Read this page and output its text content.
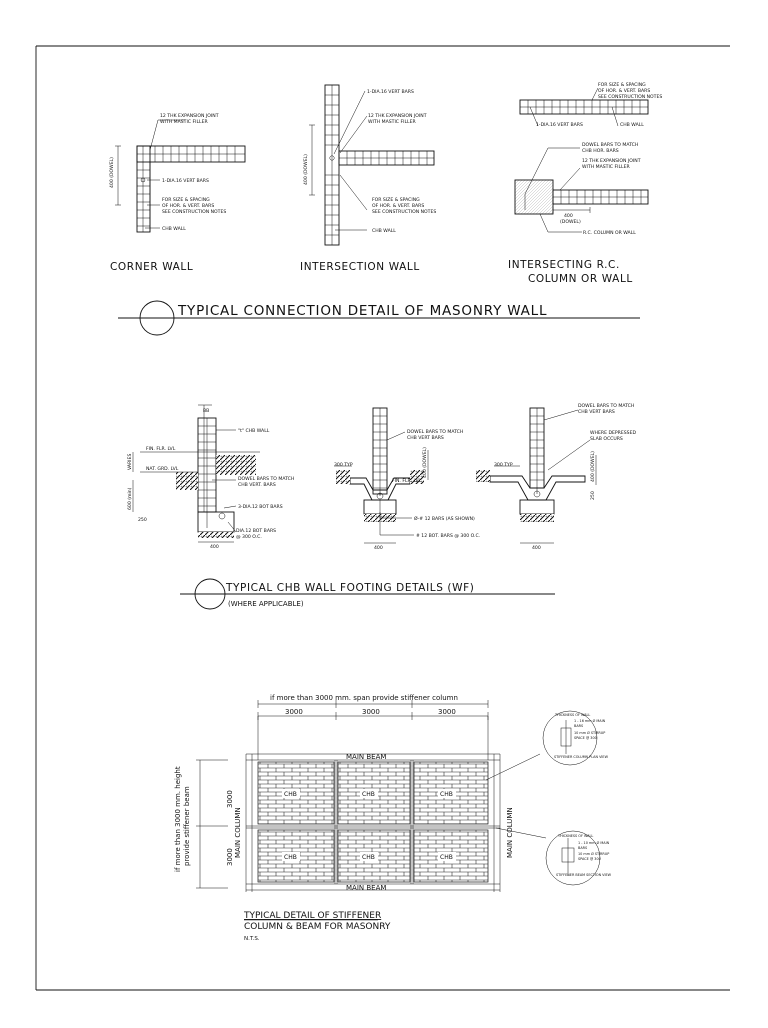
400 (DOWEL)
12 THK EXPANSION JOINT
WITH MASTIC FILLER
1-DIA.16 VERT BARS
FOR SIZE & SPACING
OF HOR. & VERT. BARS
SEE CONSTRUCTION NOTES
CHB WALL
CORNER WALL
400 (DOWEL)
1-DIA.16 VERT BARS
12 THK EXPANSION JOINT
WITH MASTIC FILLER
FOR SIZE & SPACING
OF HOR. & VERT. BARS
SEE CONSTRUCTION NOTES
CHB WALL
INTERSECTION WALL
FOR SIZE & SPACING
OF HOR. & VERT. BARS
SEE CONSTRUCTION NOTES
1-DIA.16 VERT BARS	CHB WALL
DOWEL BARS TO MATCH
CHB HOR. BARS
12 THK EXPANSION JOINT
WITH MASTIC FILLER
R.C. COLUMN OR WALL
400
(DOWEL)
INTERSECTING R.C.
COLUMN OR WALL
TYPICAL CONNECTION DETAIL OF MASONRY WALL
BB
VARIES
600 (min)
250
400
"t" CHB WALL
FIN. FLR. LVL
NAT. GRD. LVL
DOWEL BARS TO MATCH
CHB VERT. BARS
3-DIA.12 BOT BARS
DIA.12 BOT BARS
@ 300 O.C.
DOWEL BARS TO MATCH
CHB VERT BARS
FIN. FLR. LVL
300 TYP	400 (DOWEL)
Ø-# 12 BARS (AS SHOWN)
# 12 BOT. BARS @ 300 O.C.
400
DOWEL BARS TO MATCH
CHB VERT BARS
WHERE DEPRESSED
SLAB OCCURS
300 TYP	400 (DOWEL)
250
400
TYPICAL CHB WALL FOOTING DETAILS (WF)
(WHERE APPLICABLE)
if more than 3000 mm. span provide stiffener column
3000	3000	3000
MAIN BEAM
MAIN BEAM
CHB	CHB	CHB
CHB	CHB	CHB
MAIN COLUMN	MAIN COLUMN
3000
3000
if more than 3000 mm. height provide stiffener beam
THICKNESS OF WALL
1 - 16 mm Ø MAIN
BARS
10 mm Ø STIRRUP
SPACE @ 300
STIFFENER COLUMN PLAN VIEW
THICKNESS OF WALL
1 - 10 mm Ø MAIN
BARS
10 mm Ø STIRRUP
SPACE @ 300
STIFFENER BEAM SECTION VIEW
TYPICAL DETAIL OF STIFFENER
COLUMN & BEAM FOR MASONRY
N.T.S.
